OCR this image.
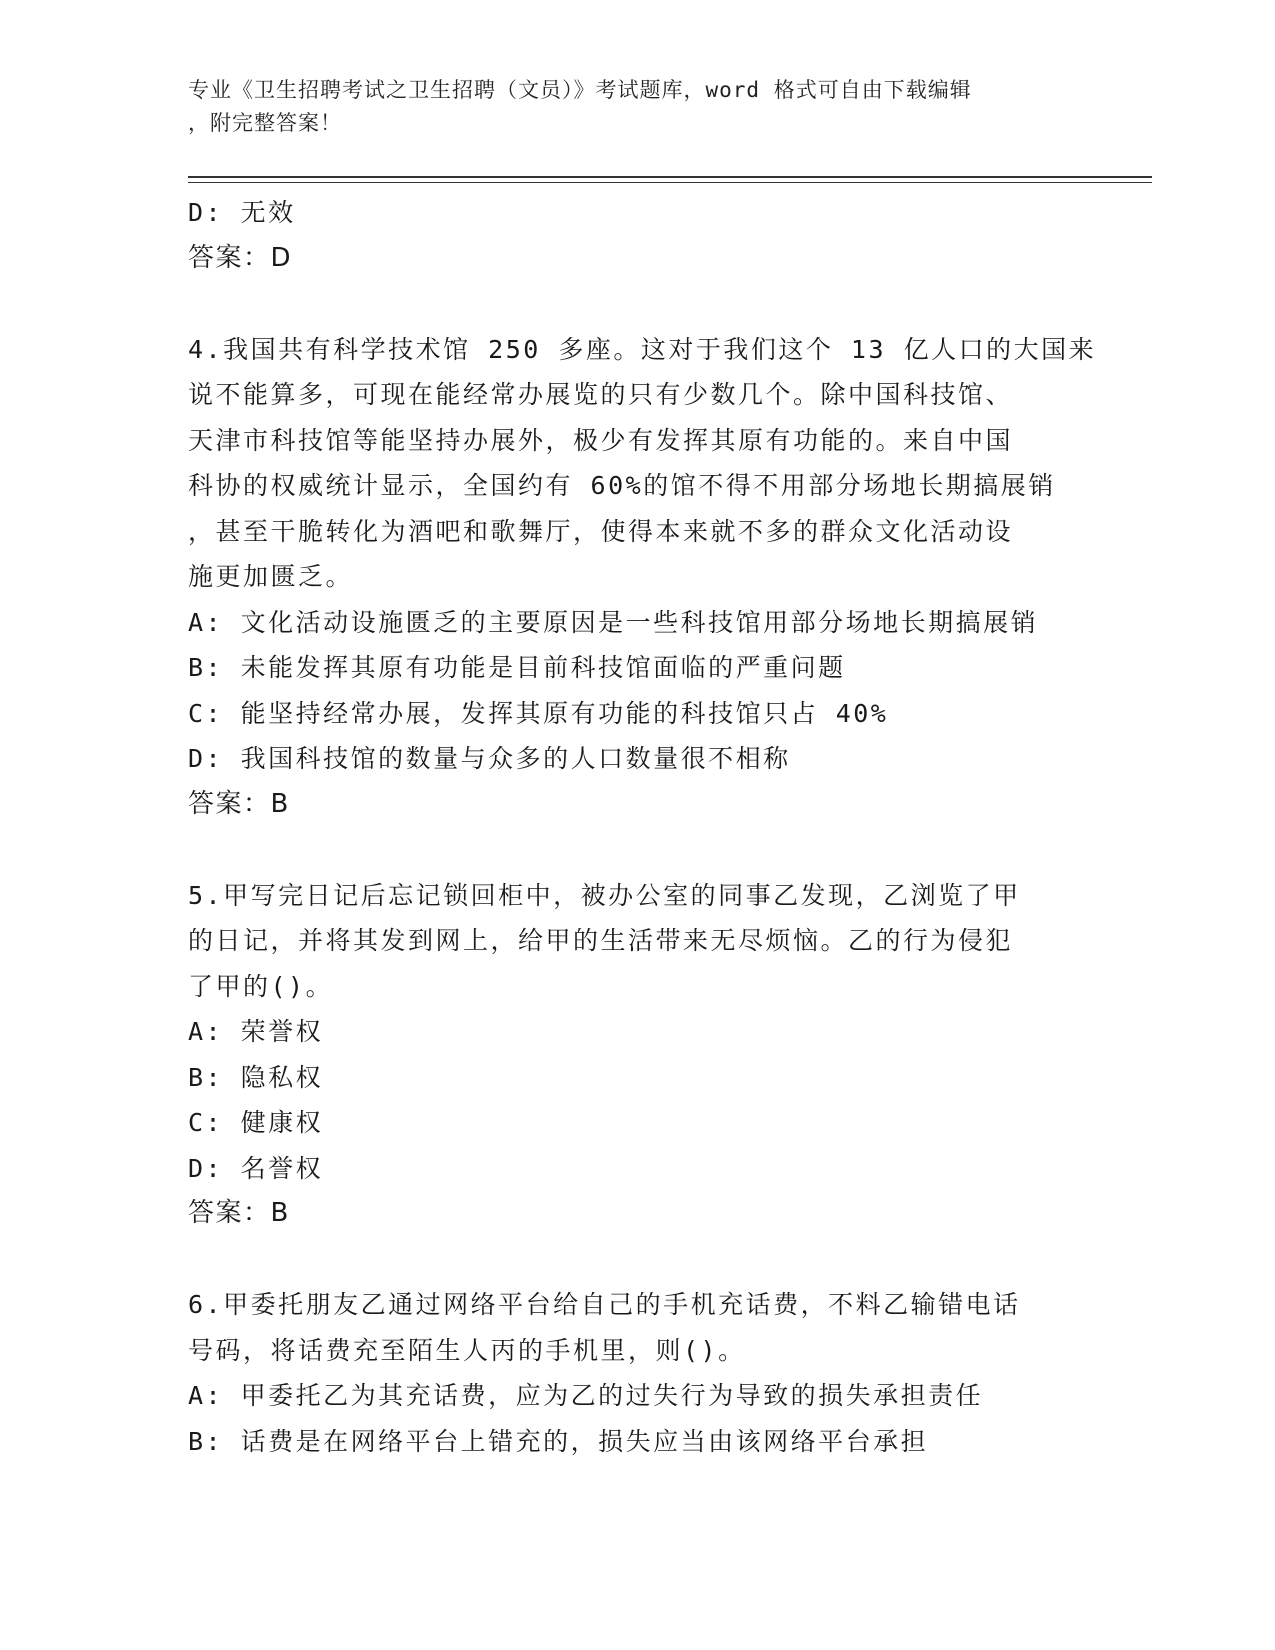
专业《卫生招聘考试之卫生招聘（文员）》考试题库，word 格式可自由下载编辑
，附完整答案！
D: 无效
答案：D
4.我国共有科学技术馆 250 多座。这对于我们这个 13 亿人口的大国来
说不能算多，可现在能经常办展览的只有少数几个。除中国科技馆、
天津市科技馆等能坚持办展外，极少有发挥其原有功能的。来自中国
科协的权威统计显示，全国约有 60%的馆不得不用部分场地长期搞展销
，甚至干脆转化为酒吧和歌舞厅，使得本来就不多的群众文化活动设
施更加匮乏。
A: 文化活动设施匮乏的主要原因是一些科技馆用部分场地长期搞展销
B: 未能发挥其原有功能是目前科技馆面临的严重问题
C: 能坚持经常办展，发挥其原有功能的科技馆只占 40%
D: 我国科技馆的数量与众多的人口数量很不相称
答案：B
5.甲写完日记后忘记锁回柜中，被办公室的同事乙发现，乙浏览了甲
的日记，并将其发到网上，给甲的生活带来无尽烦恼。乙的行为侵犯
了甲的()。
A: 荣誉权
B: 隐私权
C: 健康权
D: 名誉权
答案：B
6.甲委托朋友乙通过网络平台给自己的手机充话费，不料乙输错电话
号码，将话费充至陌生人丙的手机里，则()。
A: 甲委托乙为其充话费，应为乙的过失行为导致的损失承担责任
B: 话费是在网络平台上错充的，损失应当由该网络平台承担
